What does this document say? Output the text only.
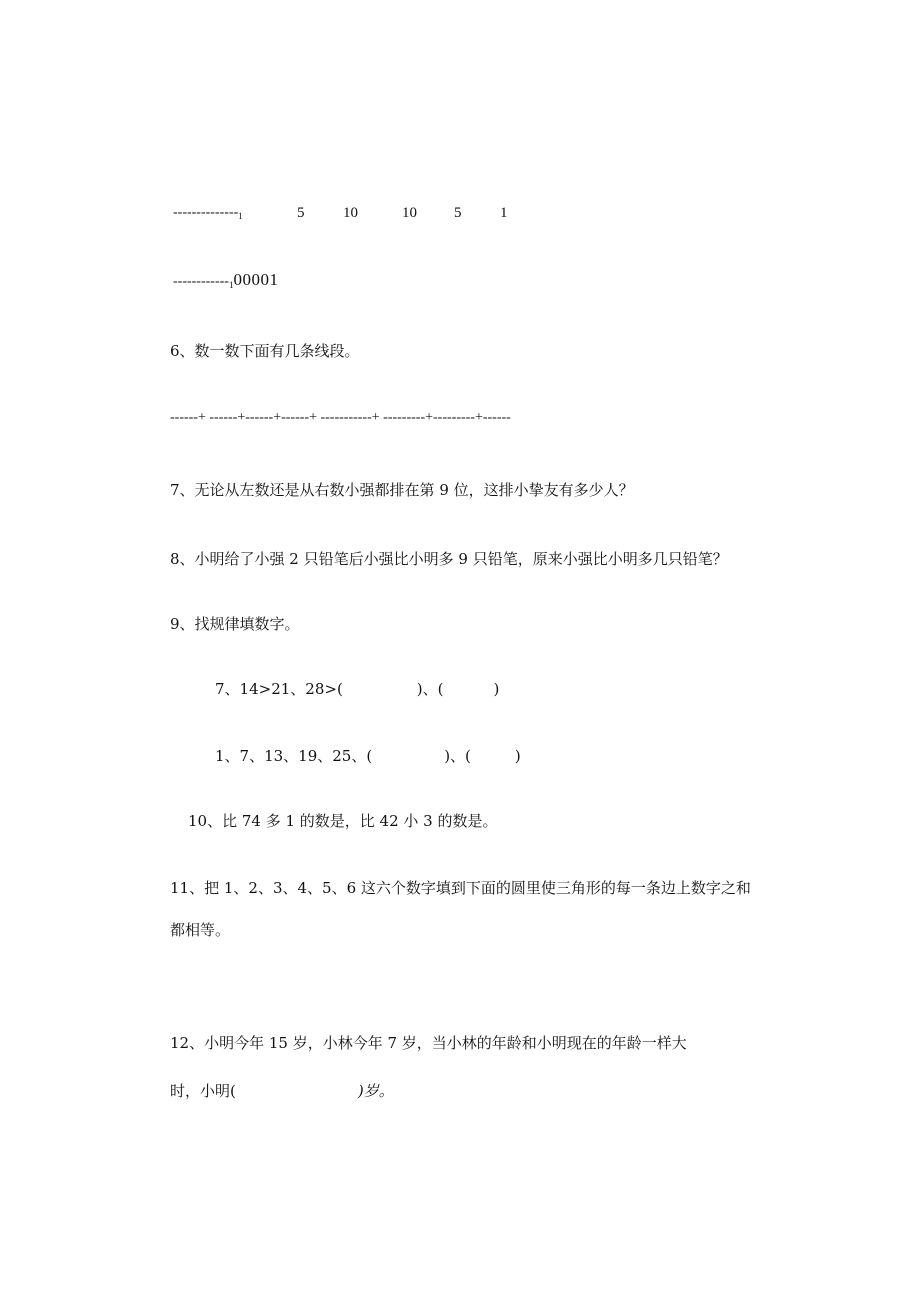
$--------------_1$	5	10	10 5	1
$------------_100001$
6、数一数下面有几条线段。
------+ ------+------+------+ -----------+ ---------+---------+------
7、无论从左数还是从右数小强都排在第 9 位，这排小挚友有多少人？
8、小明给了小强 2 只铅笔后小强比小明多 9 只铅笔，原来小强比小明多几只铅笔？
9、找规律填数字。
7、14>21、28>(	)、(	)
1、7、13、19、25、(	)、(	)
10、比 74 多 1 的数是，比 42 小 3 的数是。
11、把 1、2、3、4、5、6 这六个数字填到下面的圆里使三角形的每一条边上数字之和
都相等。
12、小明今年 15 岁，小林今年 7 岁，当小林的年龄和小明现在的年龄一样大
时，小明(	)岁。
